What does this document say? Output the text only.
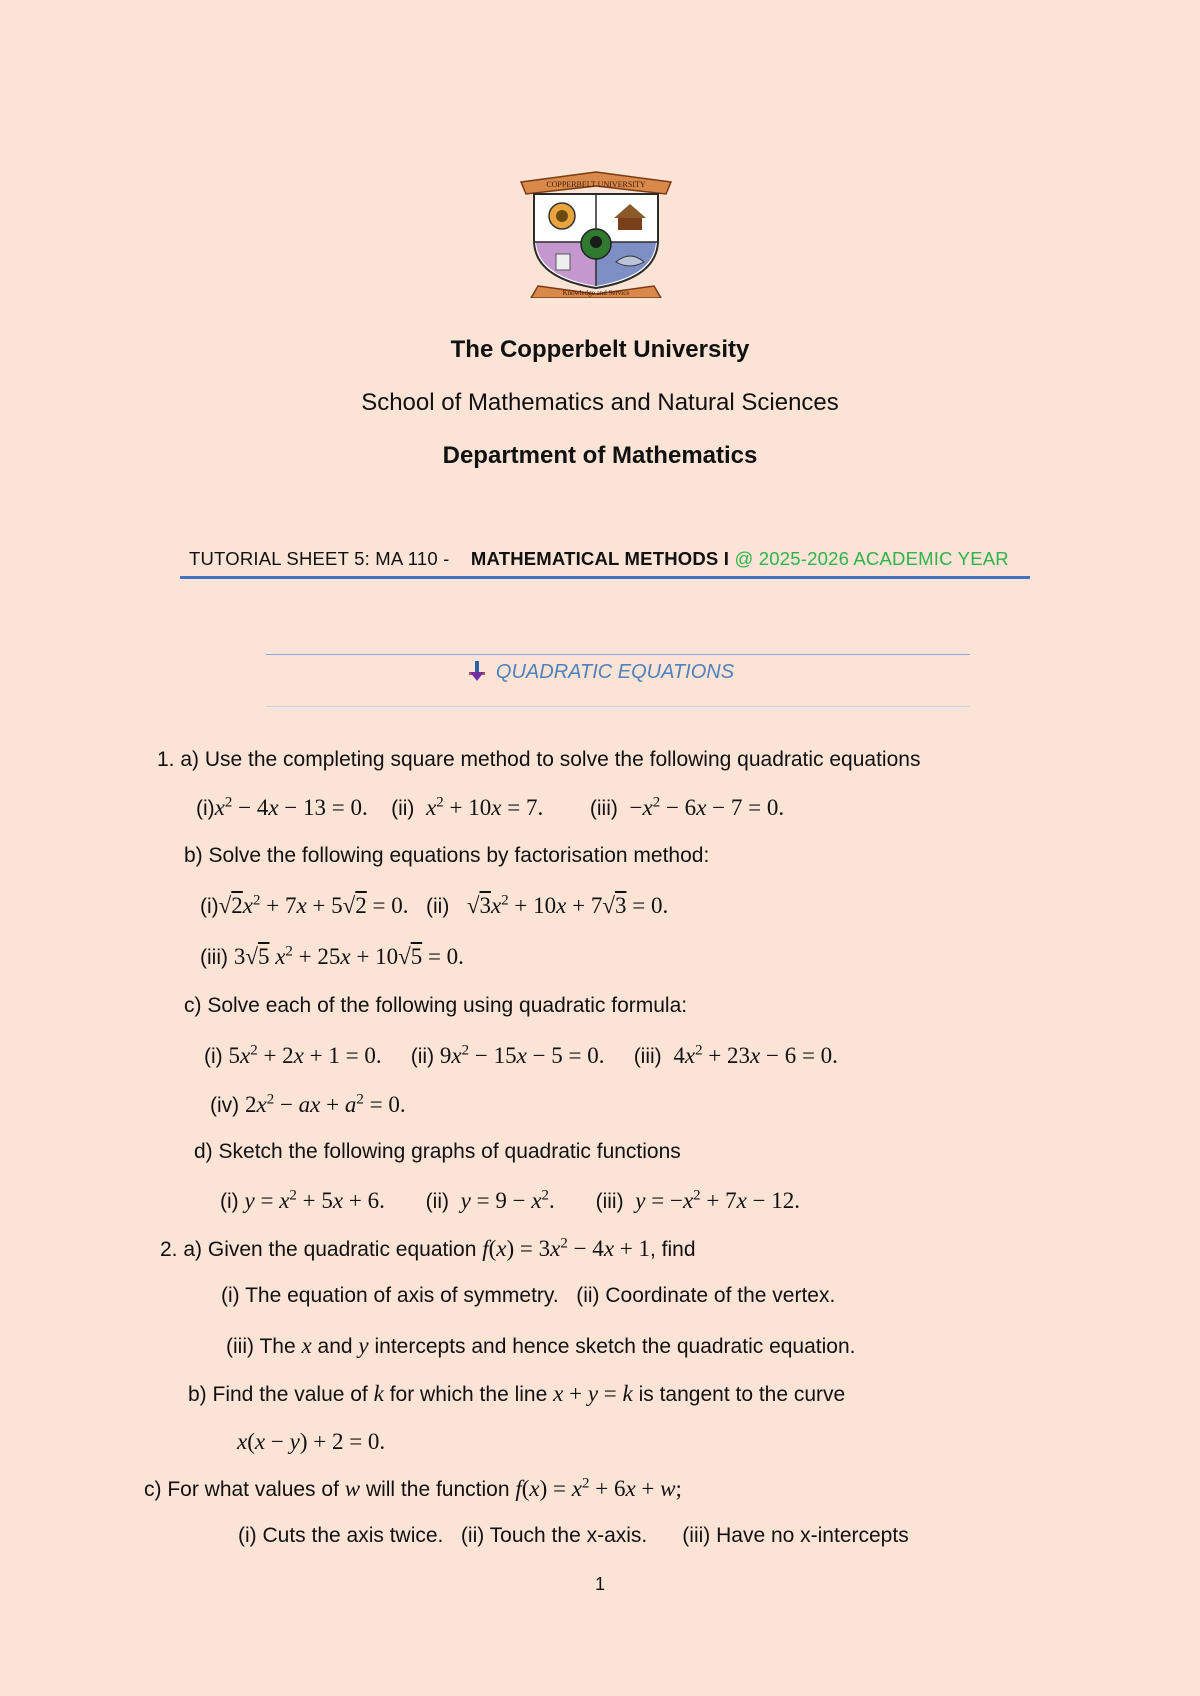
COPPERBELT UNIVERSITY
Knowledge and Service
The Copperbelt University
School of Mathematics and Natural Sciences
Department of Mathematics
TUTORIAL SHEET 5: MA 110 - MATHEMATICAL METHODS I @ 2025-2026 ACADEMIC YEAR
QUADRATIC EQUATIONS
1. a) Use the completing square method to solve the following quadratic equations
$(i)x^2 - 4x - 13 = 0$.    (ii)  $x^2 + 10x = 7$.        $(iii) -x^2 - 6x - 7 = 0$.
b) Solve the following equations by factorisation method:
$(i)√2x^2 + 7x + 5√2 = 0$.   (ii)   $√3x^2 + 10x + 7√3 = 0$.
(iii) 3√5 $x^2 + 25x + 10√5 = 0$.
c) Solve each of the following using quadratic formula:
(i) $5x^2 + 2x + 1 = 0$.     (ii) $9x^2 - 15x - 5 = 0$.     (iii)  $4x^2 + 23x - 6 = 0$.
(iv) $2x^2$ − ax + $a^2 = 0$.
d) Sketch the following graphs of quadratic functions
(i) $y = x^2 + 5x + 6$.       (ii)  $y = 9 - x^2$.       (iii)  $y = -x^2 + 7x - 12$.
2. a) Given the quadratic equation $f(x) = 3x^2 - 4x + 1$, find
(i) The equation of axis of symmetry. (ii) Coordinate of the vertex.
(iii) The x and y intercepts and hence sketch the quadratic equation.
b) Find the value of k for which the line x + y = k is tangent to the curve
x(x − y) + 2 = 0.
c) For what values of w will the function $f(x) = x^2 + 6x + w$;
(i) Cuts the axis twice. (ii) Touch the x-axis. (iii) Have no x-intercepts
1
